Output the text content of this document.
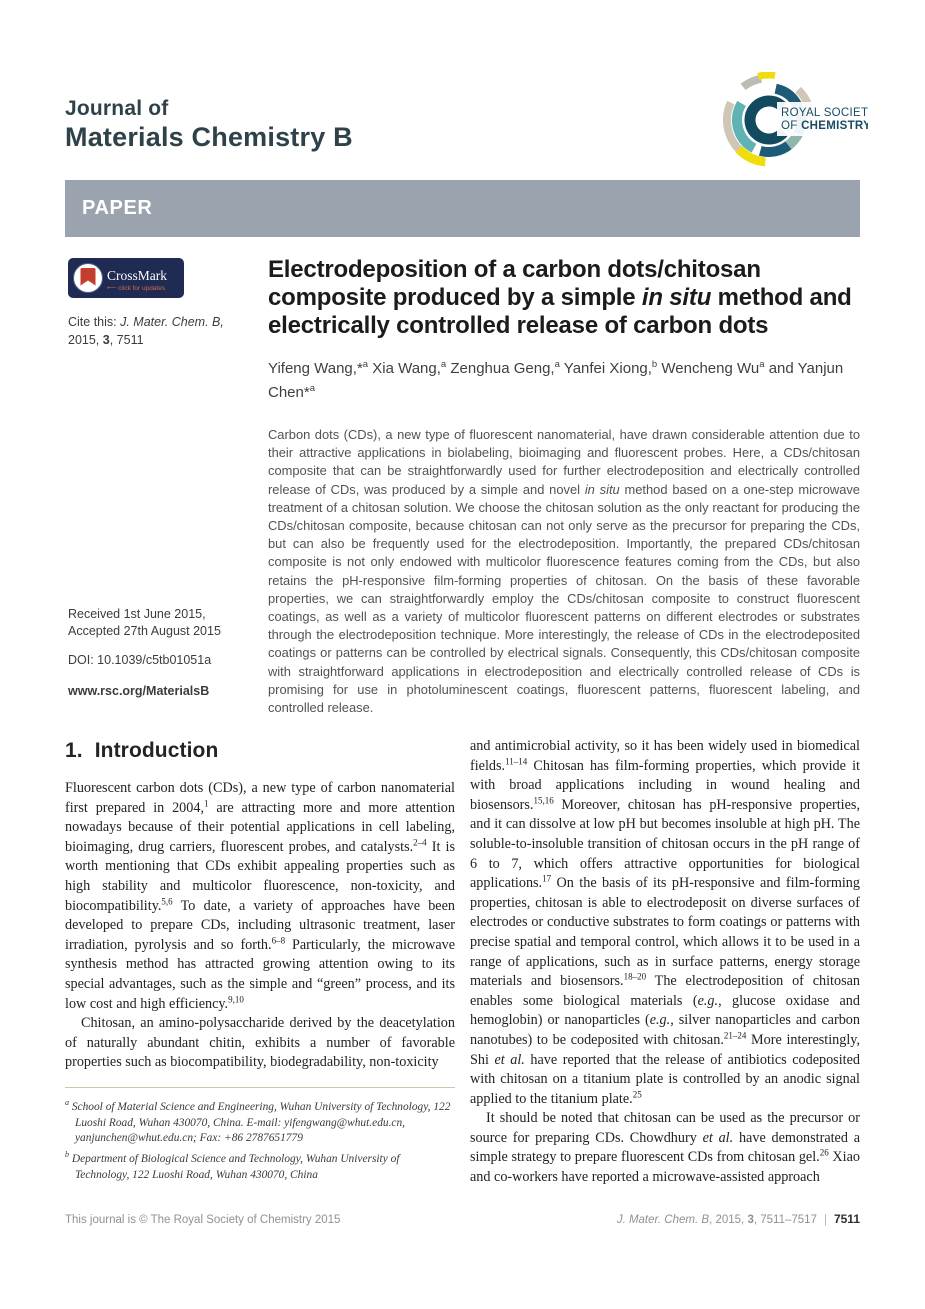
Journal of
Materials Chemistry B
ROYAL SOCIETY
OF CHEMISTRY
PAPER
CrossMark
⟵ click for updates
Cite this: J. Mater. Chem. B, 2015, 3, 7511
Received 1st June 2015,
Accepted 27th August 2015
DOI: 10.1039/c5tb01051a
www.rsc.org/MaterialsB
Electrodeposition of a carbon dots/chitosan composite produced by a simple in situ method and electrically controlled release of carbon dots
Yifeng Wang,*$^a$ Xia Wang,$^a$ Zenghua Geng,$^a$ Yanfei Xiong,$^b$ Wencheng Wu$^a$ and Yanjun Chen*$^a$
Carbon dots (CDs), a new type of fluorescent nanomaterial, have drawn considerable attention due to their attractive applications in biolabeling, bioimaging and fluorescent probes. Here, a CDs/chitosan composite that can be straightforwardly used for further electrodeposition and electrically controlled release of CDs, was produced by a simple and novel in situ method based on a one-step microwave treatment of a chitosan solution. We choose the chitosan solution as the only reactant for producing the CDs/chitosan composite, because chitosan can not only serve as the precursor for preparing the CDs, but can also be frequently used for the electrodeposition. Importantly, the prepared CDs/chitosan composite is not only endowed with multicolor fluorescence features coming from the CDs, but also retains the pH-responsive film-forming properties of chitosan. On the basis of these favorable properties, we can straightforwardly employ the CDs/chitosan composite to construct fluorescent coatings, as well as a variety of multicolor fluorescent patterns on different electrodes or substrates through the electrodeposition technique. More interestingly, the release of CDs in the electrodeposited coatings or patterns can be controlled by electrical signals. Consequently, this CDs/chitosan composite with straightforward applications in electrodeposition and electrically controlled release of CDs is promising for use in photoluminescent coatings, fluorescent patterns, fluorescent labeling, and controlled release.
1. Introduction

Fluorescent carbon dots (CDs), a new type of carbon nanomaterial first prepared in 2004,$^1$ are attracting more and more attention nowadays because of their potential applications in cell labeling, bioimaging, drug carriers, fluorescent probes, and catalysts.$^{2-4}$ It is worth mentioning that CDs exhibit appealing properties such as high stability and multicolor fluorescence, non-toxicity, and biocompatibility.$^{5,6}$ To date, a variety of approaches have been developed to prepare CDs, including ultrasonic treatment, laser irradiation, pyrolysis and so forth.$^{6-8}$ Particularly, the microwave synthesis method has attracted growing attention owing to its special advantages, such as the simple and “green” process, and its low cost and high efficiency.$^{9,10}$

Chitosan, an amino-polysaccharide derived by the deacetylation of naturally abundant chitin, exhibits a number of favorable properties such as biocompatibility, biodegradability, non-toxicity

$^a$ School of Material Science and Engineering, Wuhan University of Technology, 122 Luoshi Road, Wuhan 430070, China. E-mail: yifengwang@whut.edu.cn, yanjunchen@whut.edu.cn; Fax: +86 2787651779
$^b$ Department of Biological Science and Technology, Wuhan University of Technology, 122 Luoshi Road, Wuhan 430070, China

and antimicrobial activity, so it has been widely used in biomedical fields.$^{11-14}$ Chitosan has film-forming properties, which provide it with broad applications including in wound healing and biosensors.$^{15,16}$ Moreover, chitosan has pH-responsive properties, and it can dissolve at low pH but becomes insoluble at high pH. The soluble-to-insoluble transition of chitosan occurs in the pH range of 6 to 7, which offers attractive opportunities for biological applications.$^{17}$ On the basis of its pH-responsive and film-forming properties, chitosan is able to electrodeposit on diverse surfaces of electrodes or conductive substrates to form coatings or patterns with precise spatial and temporal control, which allows it to be used in a range of applications, such as in surface patterns, energy storage materials and biosensors.$^{18-20}$ The electrodeposition of chitosan enables some biological materials (e.g., glucose oxidase and hemoglobin) or nanoparticles (e.g., silver nanoparticles and carbon nanotubes) to be codeposited with chitosan.$^{21-24}$ More interestingly, Shi et al. have reported that the release of antibiotics codeposited with chitosan on a titanium plate is controlled by an anodic signal applied to the titanium plate.$^{25}$

It should be noted that chitosan can be used as the precursor or source for preparing CDs. Chowdhury et al. have demonstrated a simple strategy to prepare fluorescent CDs from chitosan gel.$^{26}$ Xiao and co-workers have reported a microwave-assisted approach

This journal is © The Royal Society of Chemistry 2015	J. Mater. Chem. B, 2015, 3, 7511–7517 | 7511
